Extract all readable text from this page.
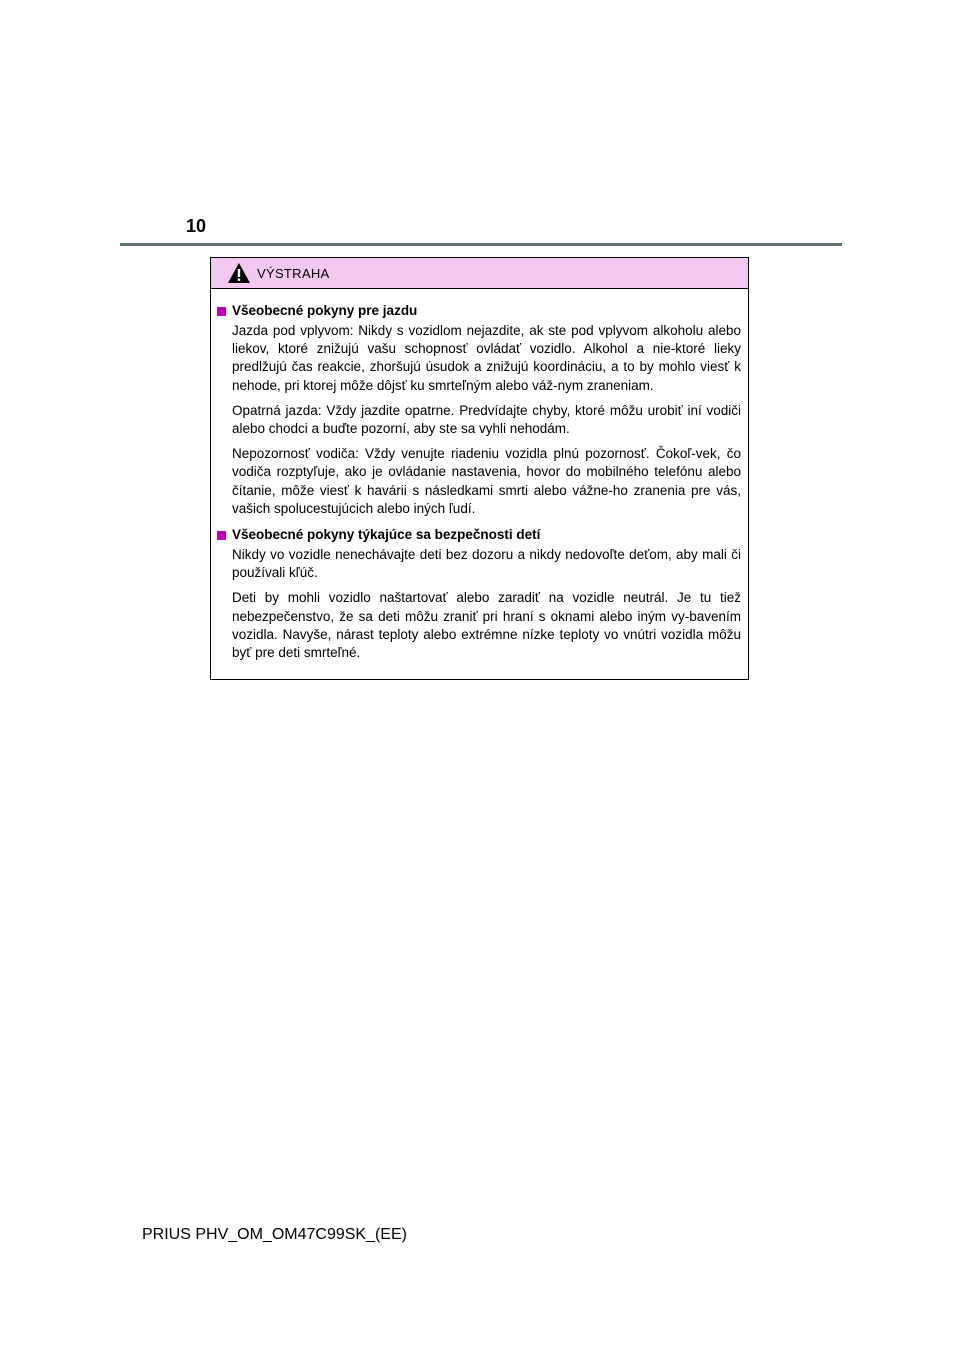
10
VÝSTRAHA
Všeobecné pokyny pre jazdu

Jazda pod vplyvom: Nikdy s vozidlom nejazdite, ak ste pod vplyvom alkoholu alebo liekov, ktoré znižujú vašu schopnosť ovládať vozidlo. Alkohol a nie-ktoré lieky predlžujú čas reakcie, zhoršujú úsudok a znižujú koordináciu, a to by mohlo viesť k nehode, pri ktorej môže dôjsť ku smrteľným alebo váž-nym zraneniam.

Opatrná jazda: Vždy jazdite opatrne. Predvídajte chyby, ktoré môžu urobiť iní vodiči alebo chodci a buďte pozorní, aby ste sa vyhli nehodám.

Nepozornosť vodiča: Vždy venujte riadeniu vozidla plnú pozornosť. Čokoľ-vek, čo vodiča rozptyľuje, ako je ovládanie nastavenia, hovor do mobilného telefónu alebo čítanie, môže viesť k havárii s následkami smrti alebo vážne-ho zranenia pre vás, vašich spolucestujúcich alebo iných ľudí.

Všeobecné pokyny týkajúce sa bezpečnosti detí

Nikdy vo vozidle nenechávajte deti bez dozoru a nikdy nedovoľte deťom, aby mali či používali kľúč.

Deti by mohli vozidlo naštartovať alebo zaradiť na vozidle neutrál. Je tu tiež nebezpečenstvo, že sa deti môžu zraniť pri hraní s oknami alebo iným vy-bavením vozidla. Navyše, nárast teploty alebo extrémne nízke teploty vo vnútri vozidla môžu byť pre deti smrteľné.

PRIUS PHV_OM_OM47C99SK_(EE)
